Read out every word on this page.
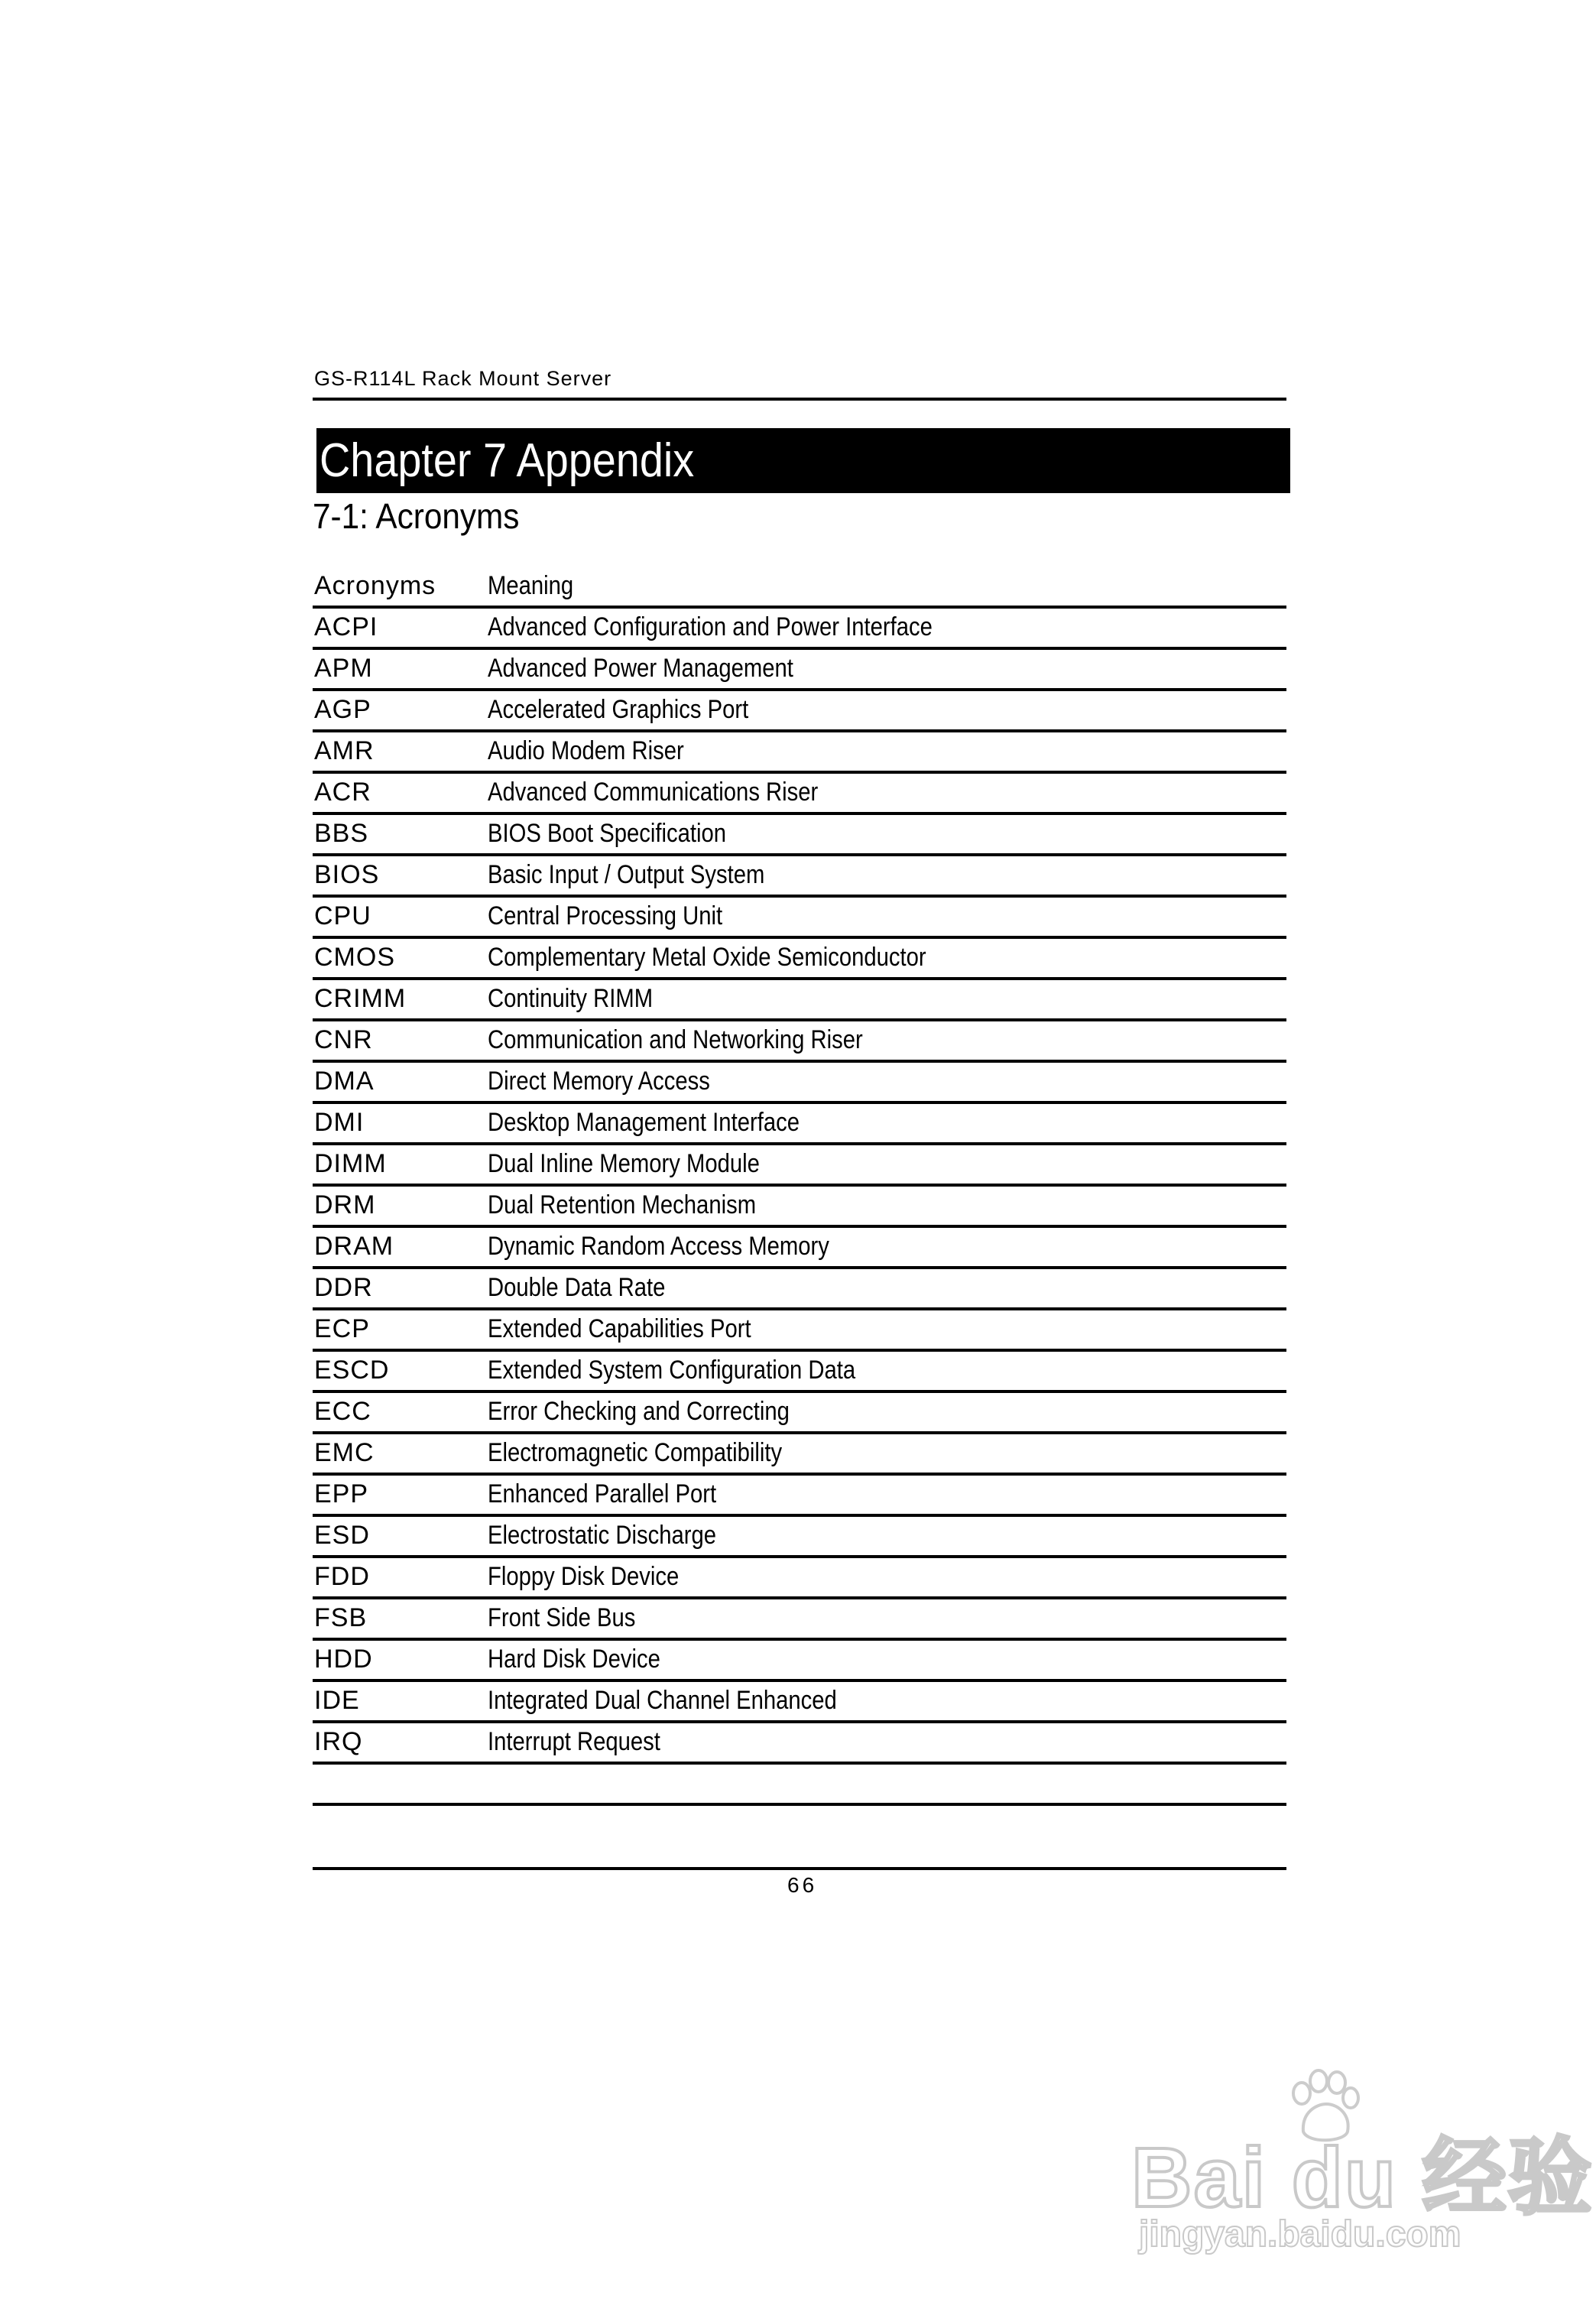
GS-R114L Rack Mount Server
Chapter 7 Appendix
7-1: Acronyms
Acronyms Meaning
ACPI	Advanced Configuration and Power Interface
APM	Advanced Power Management
AGP	Accelerated Graphics Port
AMR	Audio Modem Riser
ACR	Advanced Communications Riser
BBS	BIOS Boot Specification
BIOS	Basic Input / Output System
CPU	Central Processing Unit
CMOS	Complementary Metal Oxide Semiconductor
CRIMM	Continuity RIMM
CNR	Communication and Networking Riser
DMA	Direct Memory Access
DMI	Desktop Management Interface
DIMM	Dual Inline Memory Module
DRM	Dual Retention Mechanism
DRAM	Dynamic Random Access Memory
DDR	Double Data Rate
ECP	Extended Capabilities Port
ESCD	Extended System Configuration Data
ECC	Error Checking and Correcting
EMC	Electromagnetic Compatibility
EPP	Enhanced Parallel Port
ESD	Electrostatic Discharge
FDD	Floppy Disk Device
FSB	Front Side Bus
HDD	Hard Disk Device
IDE	Integrated Dual Channel Enhanced
IRQ	Interrupt Request
66
Bai du 经验
jingyan.baidu.com
